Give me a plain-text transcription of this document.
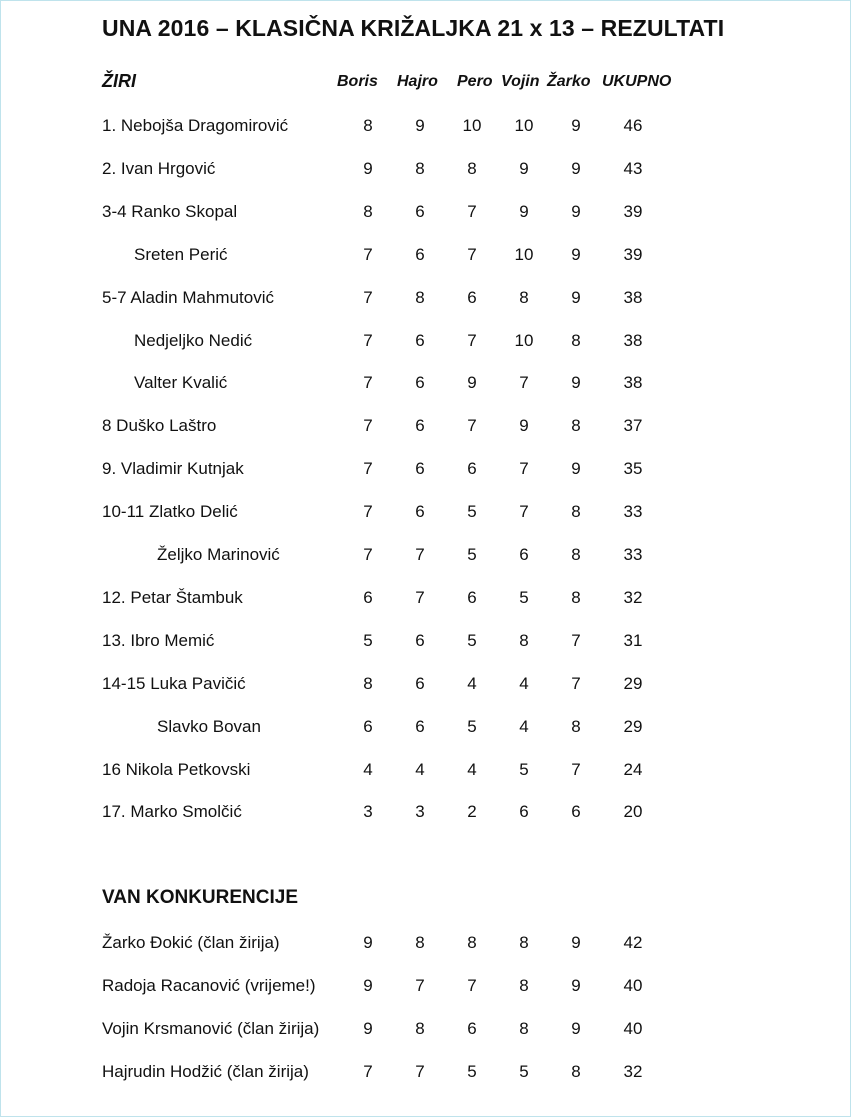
UNA 2016 – KLASIČNA KRIŽALJKA 21 x 13 – REZULTATI
ŽIRI	Boris Hajro Pero Vojin Žarko UKUPNO
1. Nebojša Dragomirović	8	9	10	10	9	46
2. Ivan Hrgović	9	8	8	9	9	43
3-4 Ranko Skopal	8	6	7	9	9	39
Sreten Perić	7	6	7	10	9	39
5-7 Aladin Mahmutović	7	8	6	8	9	38
Nedjeljko Nedić	7	6	7	10	8	38
Valter Kvalić	7	6	9	7	9	38
8 Duško Laštro	7	6	7	9	8	37
9. Vladimir Kutnjak	7	6	6	7	9	35
10-11 Zlatko Delić	7	6	5	7	8	33
Željko Marinović	7	7	5	6	8	33
12. Petar Štambuk	6	7	6	5	8	32
13. Ibro Memić	5	6	5	8	7	31
14-15 Luka Pavičić	8	6	4	4	7	29
Slavko Bovan	6	6	5	4	8	29
16 Nikola Petkovski	4	4	4	5	7	24
17. Marko Smolčić	3	3	2	6	6	20
VAN KONKURENCIJE
Žarko Đokić (član žirija)	9	8	8	8	9	42
Radoja Racanović (vrijeme!)	9	7	7	8	9	40
Vojin Krsmanović (član žirija)	9	8	6	8	9	40
Hajrudin Hodžić (član žirija)	7	7	5	5	8	32
